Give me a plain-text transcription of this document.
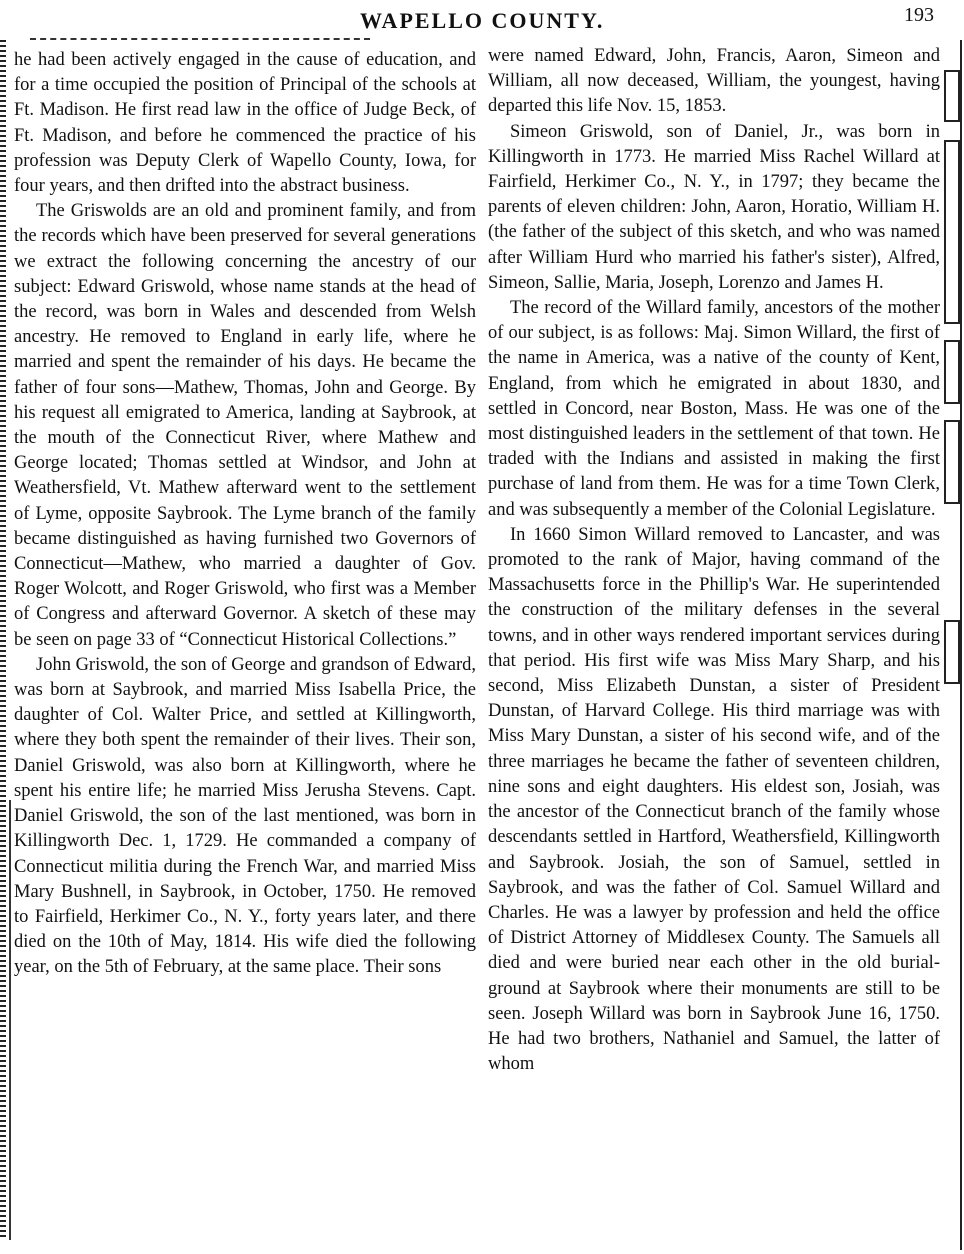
WAPELLO COUNTY.	193

he had been actively engaged in the cause of education, and for a time occupied the position of Principal of the schools at Ft. Madison. He first read law in the office of Judge Beck, of Ft. Madison, and before he commenced the practice of his profession was Deputy Clerk of Wapello County, Iowa, for four years, and then drifted into the abstract business.

The Griswolds are an old and prominent family, and from the records which have been preserved for several generations we extract the following concerning the ancestry of our subject: Edward Griswold, whose name stands at the head of the record, was born in Wales and descended from Welsh ancestry. He removed to England in early life, where he married and spent the remainder of his days. He became the father of four sons—Mathew, Thomas, John and George. By his request all emigrated to America, landing at Saybrook, at the mouth of the Connecticut River, where Mathew and George located; Thomas settled at Windsor, and John at Weathersfield, Vt. Mathew afterward went to the settlement of Lyme, opposite Saybrook. The Lyme branch of the family became distinguished as having furnished two Governors of Connecticut—Mathew, who married a daughter of Gov. Roger Wolcott, and Roger Griswold, who first was a Member of Congress and afterward Governor. A sketch of these may be seen on page 33 of “Connecticut Historical Collections.”

John Griswold, the son of George and grandson of Edward, was born at Saybrook, and married Miss Isabella Price, the daughter of Col. Walter Price, and settled at Killingworth, where they both spent the remainder of their lives. Their son, Daniel Griswold, was also born at Killingworth, where he spent his entire life; he married Miss Jerusha Stevens. Capt. Daniel Griswold, the son of the last mentioned, was born in Killingworth Dec. 1, 1729. He commanded a company of Connecticut militia during the French War, and married Miss Mary Bushnell, in Saybrook, in October, 1750. He removed to Fairfield, Herkimer Co., N. Y., forty years later, and there died on the 10th of May, 1814. His wife died the following year, on the 5th of February, at the same place. Their sons

were named Edward, John, Francis, Aaron, Simeon and William, all now deceased, William, the youngest, having departed this life Nov. 15, 1853.

Simeon Griswold, son of Daniel, Jr., was born in Killingworth in 1773. He married Miss Rachel Willard at Fairfield, Herkimer Co., N. Y., in 1797; they became the parents of eleven children: John, Aaron, Horatio, William H. (the father of the subject of this sketch, and who was named after William Hurd who married his father's sister), Alfred, Simeon, Sallie, Maria, Joseph, Lorenzo and James H.

The record of the Willard family, ancestors of the mother of our subject, is as follows: Maj. Simon Willard, the first of the name in America, was a native of the county of Kent, England, from which he emigrated in about 1830, and settled in Concord, near Boston, Mass. He was one of the most distinguished leaders in the settlement of that town. He traded with the Indians and assisted in making the first purchase of land from them. He was for a time Town Clerk, and was subsequently a member of the Colonial Legislature.

In 1660 Simon Willard removed to Lancaster, and was promoted to the rank of Major, having command of the Massachusetts force in the Phillip's War. He superintended the construction of the military defenses in the several towns, and in other ways rendered important services during that period. His first wife was Miss Mary Sharp, and his second, Miss Elizabeth Dunstan, a sister of President Dunstan, of Harvard College. His third marriage was with Miss Mary Dunstan, a sister of his second wife, and of the three marriages he became the father of seventeen children, nine sons and eight daughters. His eldest son, Josiah, was the ancestor of the Connecticut branch of the family whose descendants settled in Hartford, Weathersfield, Killingworth and Saybrook. Josiah, the son of Samuel, settled in Saybrook, and was the father of Col. Samuel Willard and Charles. He was a lawyer by profession and held the office of District Attorney of Middlesex County. The Samuels all died and were buried near each other in the old burial-ground at Saybrook where their monuments are still to be seen. Joseph Willard was born in Saybrook June 16, 1750. He had two brothers, Nathaniel and Samuel, the latter of whom
